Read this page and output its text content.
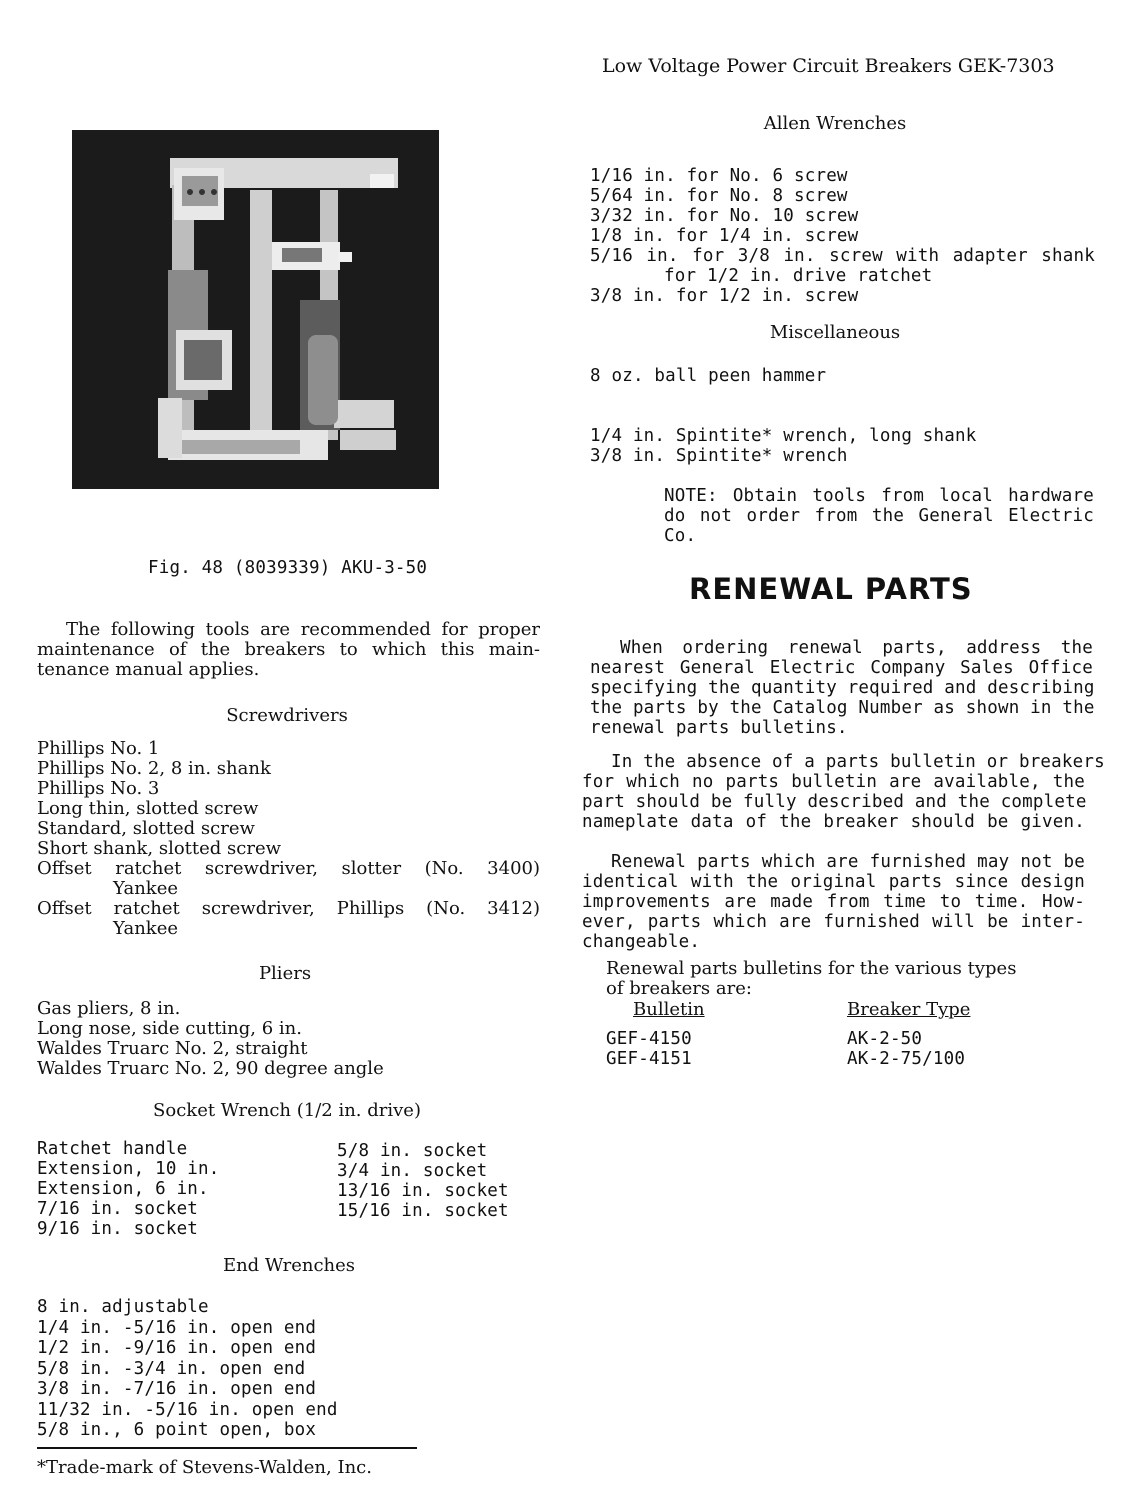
Low Voltage Power Circuit Breakers GEK-7303
Fig. 48 (8039339) AKU-3-50
The following tools are recommended for proper
maintenance of the breakers to which this main-
tenance manual applies.
Screwdrivers
Phillips No. 1
Phillips No. 2, 8 in. shank
Phillips No. 3
Long thin, slotted screw
Standard, slotted screw
Short shank, slotted screw
Offset ratchet screwdriver, slotter (No. 3400)
Yankee
Offset ratchet screwdriver, Phillips (No. 3412)
Yankee
Pliers
Gas pliers, 8 in.
Long nose, side cutting, 6 in.
Waldes Truarc No. 2, straight
Waldes Truarc No. 2, 90 degree angle
Socket Wrench (1/2 in. drive)
Ratchet handle
Extension, 10 in.
Extension, 6 in.
7/16 in. socket
9/16 in. socket
5/8 in. socket
3/4 in. socket
13/16 in. socket
15/16 in. socket
End Wrenches
8 in. adjustable
1/4 in. -5/16 in. open end
1/2 in. -9/16 in. open end
5/8 in. -3/4 in. open end
3/8 in. -7/16 in. open end
11/32 in. -5/16 in. open end
5/8 in., 6 point open, box
*Trade-mark of Stevens-Walden, Inc.
Allen Wrenches
1/16 in. for No. 6 screw
5/64 in. for No. 8 screw
3/32 in. for No. 10 screw
1/8 in. for 1/4 in. screw
5/16 in. for 3/8 in. screw with adapter shank
for 1/2 in. drive ratchet
3/8 in. for 1/2 in. screw
Miscellaneous
8 oz. ball peen hammer
1/4 in. Spintite* wrench, long shank
3/8 in. Spintite* wrench
NOTE: Obtain tools from local hardware
do not order from the General Electric
Co.
RENEWAL PARTS
When ordering renewal parts, address the
nearest General Electric Company Sales Office
specifying the quantity required and describing
the parts by the Catalog Number as shown in the
renewal parts bulletins.
In the absence of a parts bulletin or breakers
for which no parts bulletin are available, the
part should be fully described and the complete
nameplate data of the breaker should be given.
Renewal parts which are furnished may not be
identical with the original parts since design
improvements are made from time to time. How-
ever, parts which are furnished will be inter-
changeable.
Renewal parts bulletins for the various types
of breakers are:
Bulletin	Breaker Type
GEF-4150	AK-2-50
GEF-4151	AK-2-75/100
